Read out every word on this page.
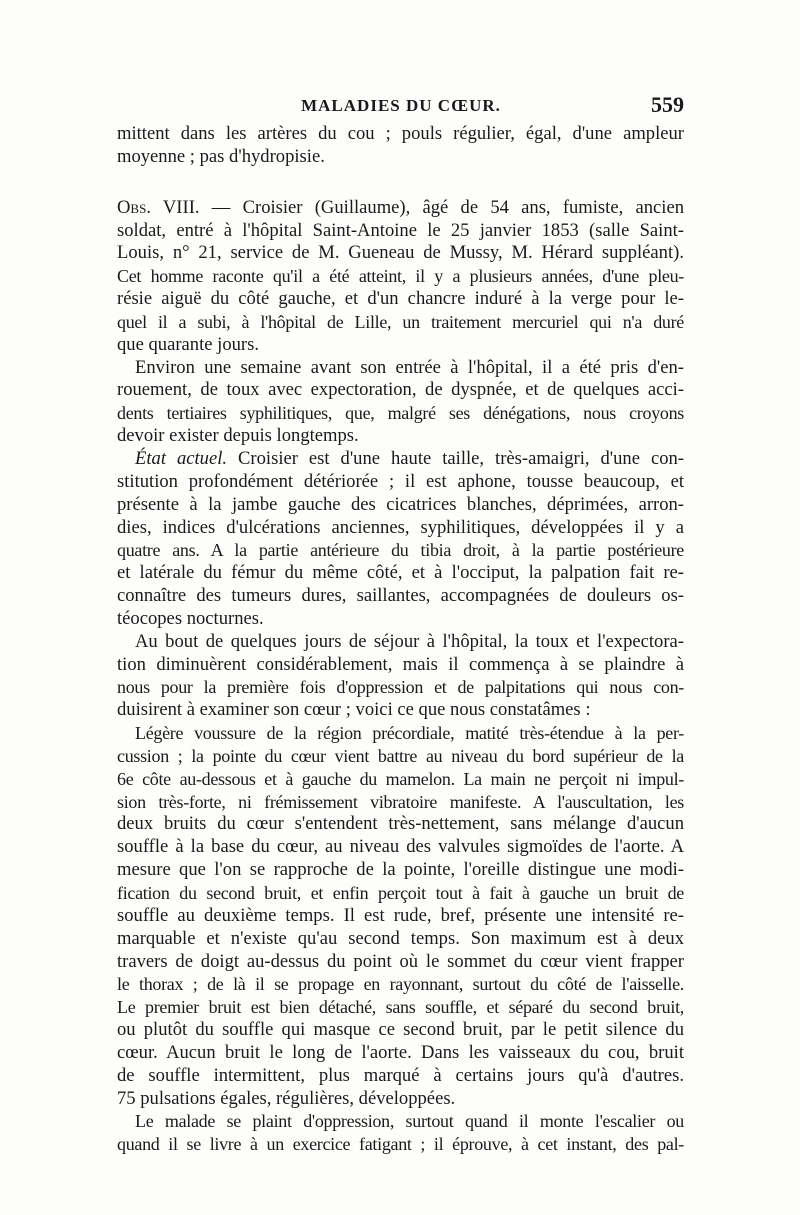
MALADIES DU CŒUR.	559

mittent dans les artères du cou ; pouls régulier, égal, d'une ampleur

moyenne ; pas d'hydropisie.

Obs. VIII. — Croisier (Guillaume), âgé de 54 ans, fumiste, ancien

soldat, entré à l'hôpital Saint-Antoine le 25 janvier 1853 (salle Saint-

Louis, n° 21, service de M. Gueneau de Mussy, M. Hérard suppléant).

Cet homme raconte qu'il a été atteint, il y a plusieurs années, d'une pleu-

résie aiguë du côté gauche, et d'un chancre induré à la verge pour le-

quel il a subi, à l'hôpital de Lille, un traitement mercuriel qui n'a duré

que quarante jours.

Environ une semaine avant son entrée à l'hôpital, il a été pris d'en-

rouement, de toux avec expectoration, de dyspnée, et de quelques acci-

dents tertiaires syphilitiques, que, malgré ses dénégations, nous croyons

devoir exister depuis longtemps.

État actuel. Croisier est d'une haute taille, très-amaigri, d'une con-

stitution profondément détériorée ; il est aphone, tousse beaucoup, et

présente à la jambe gauche des cicatrices blanches, déprimées, arron-

dies, indices d'ulcérations anciennes, syphilitiques, développées il y a

quatre ans. A la partie antérieure du tibia droit, à la partie postérieure

et latérale du fémur du même côté, et à l'occiput, la palpation fait re-

connaître des tumeurs dures, saillantes, accompagnées de douleurs os-

téocopes nocturnes.

Au bout de quelques jours de séjour à l'hôpital, la toux et l'expectora-

tion diminuèrent considérablement, mais il commença à se plaindre à

nous pour la première fois d'oppression et de palpitations qui nous con-

duisirent à examiner son cœur ; voici ce que nous constatâmes :

Légère voussure de la région précordiale, matité très-étendue à la per-

cussion ; la pointe du cœur vient battre au niveau du bord supérieur de la

6e côte au-dessous et à gauche du mamelon. La main ne perçoit ni impul-

sion très-forte, ni frémissement vibratoire manifeste. A l'auscultation, les

deux bruits du cœur s'entendent très-nettement, sans mélange d'aucun

souffle à la base du cœur, au niveau des valvules sigmoïdes de l'aorte. A

mesure que l'on se rapproche de la pointe, l'oreille distingue une modi-

fication du second bruit, et enfin perçoit tout à fait à gauche un bruit de

souffle au deuxième temps. Il est rude, bref, présente une intensité re-

marquable et n'existe qu'au second temps. Son maximum est à deux

travers de doigt au-dessus du point où le sommet du cœur vient frapper

le thorax ; de là il se propage en rayonnant, surtout du côté de l'aisselle.

Le premier bruit est bien détaché, sans souffle, et séparé du second bruit,

ou plutôt du souffle qui masque ce second bruit, par le petit silence du

cœur. Aucun bruit le long de l'aorte. Dans les vaisseaux du cou, bruit

de souffle intermittent, plus marqué à certains jours qu'à d'autres.

75 pulsations égales, régulières, développées.

Le malade se plaint d'oppression, surtout quand il monte l'escalier ou

quand il se livre à un exercice fatigant ; il éprouve, à cet instant, des pal-
